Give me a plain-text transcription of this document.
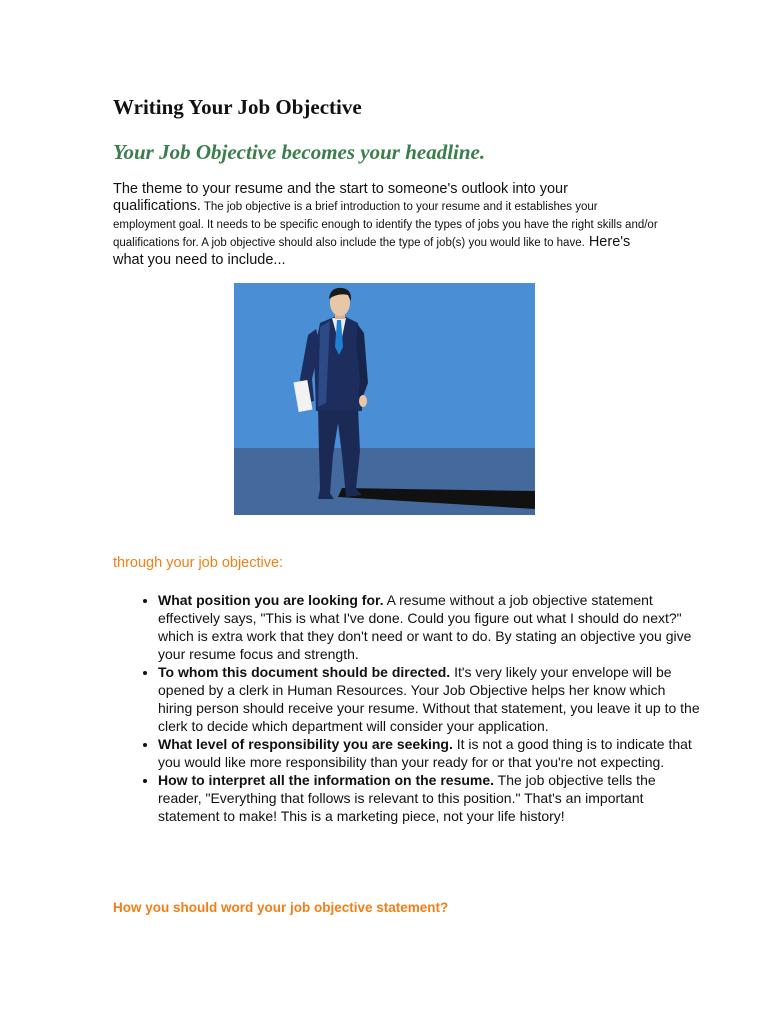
Writing Your Job Objective
Your Job Objective becomes your headline.

The theme to your resume and the start to someone's outlook into your qualifications. The job objective is a brief introduction to your resume and it establishes your employment goal. It needs to be specific enough to identify the types of jobs you have the right skills and/or qualifications for. A job objective should also include the type of job(s) you would like to have. Here's what you need to include...

through your job objective:
• What position you are looking for. A resume without a job objective statement effectively says, "This is what I've done. Could you figure out what I should do next?" which is extra work that they don't need or want to do. By stating an objective you give your resume focus and strength.
• To whom this document should be directed. It's very likely your envelope will be opened by a clerk in Human Resources. Your Job Objective helps her know which hiring person should receive your resume. Without that statement, you leave it up to the clerk to decide which department will consider your application.
• What level of responsibility you are seeking. It is not a good thing is to indicate that you would like more responsibility than your ready for or that you're not expecting.
• How to interpret all the information on the resume. The job objective tells the reader, "Everything that follows is relevant to this position." That's an important statement to make! This is a marketing piece, not your life history!
How you should word your job objective statement?
